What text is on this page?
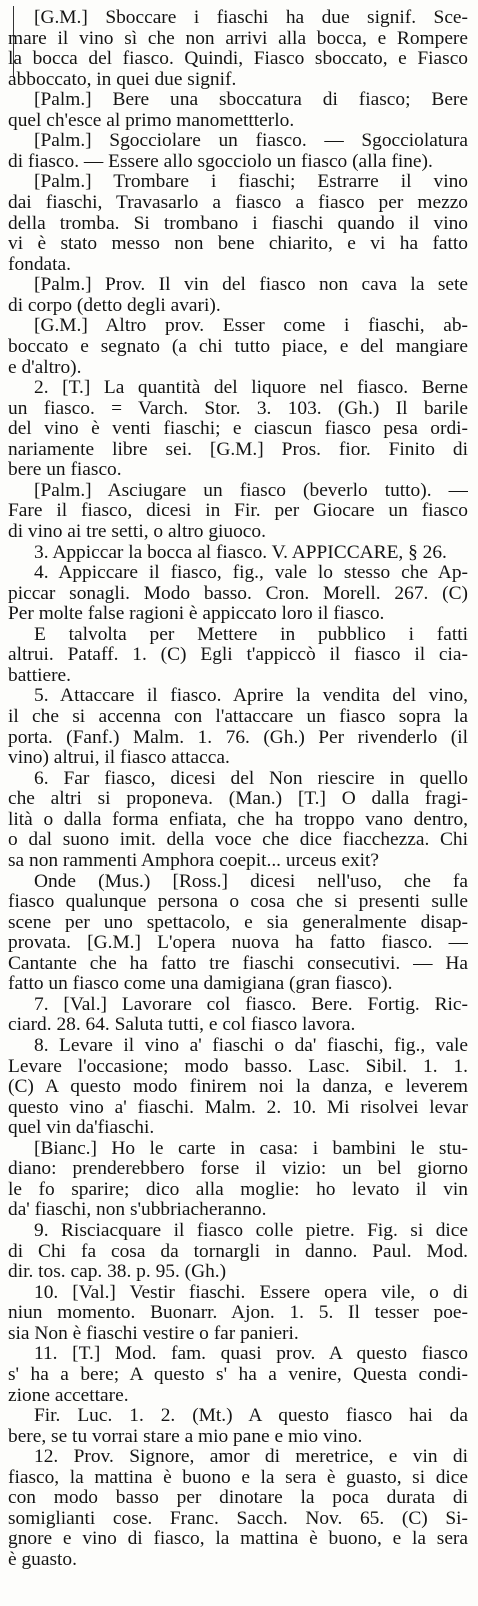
[G.M.] Sboccare i fiaschi ha due signif. Sce-
mare il vino sì che non arrivi alla bocca, e Rompere
la bocca del fiasco. Quindi, Fiasco sboccato, e Fiasco
abboccato, in quei due signif.
[Palm.] Bere una sboccatura di fiasco; Bere
quel ch'esce al primo manomettterlo.
[Palm.] Sgocciolare un fiasco. — Sgocciolatura
di fiasco. — Essere allo sgocciolo un fiasco (alla fine).
[Palm.] Trombare i fiaschi; Estrarre il vino
dai fiaschi, Travasarlo a fiasco a fiasco per mezzo
della tromba. Si trombano i fiaschi quando il vino
vi è stato messo non bene chiarito, e vi ha fatto
fondata.
[Palm.] Prov. Il vin del fiasco non cava la sete
di corpo (detto degli avari).
[G.M.] Altro prov. Esser come i fiaschi, ab-
boccato e segnato (a chi tutto piace, e del mangiare
e d'altro).
2. [T.] La quantità del liquore nel fiasco. Berne
un fiasco. = Varch. Stor. 3. 103. (Gh.) Il barile
del vino è venti fiaschi; e ciascun fiasco pesa ordi-
nariamente libre sei. [G.M.] Pros. fior. Finito di
bere un fiasco.
[Palm.] Asciugare un fiasco (beverlo tutto). —
Fare il fiasco, dicesi in Fir. per Giocare un fiasco
di vino ai tre setti, o altro giuoco.
3. Appiccar la bocca al fiasco. V. APPICCARE, § 26.
4. Appiccare il fiasco, fig., vale lo stesso che Ap-
piccar sonagli. Modo basso. Cron. Morell. 267. (C)
Per molte false ragioni è appiccato loro il fiasco.
E talvolta per Mettere in pubblico i fatti
altrui. Pataff. 1. (C) Egli t'appiccò il fiasco il cia-
battiere.
5. Attaccare il fiasco. Aprire la vendita del vino,
il che si accenna con l'attaccare un fiasco sopra la
porta. (Fanf.) Malm. 1. 76. (Gh.) Per rivenderlo (il
vino) altrui, il fiasco attacca.
6. Far fiasco, dicesi del Non riescire in quello
che altri si proponeva. (Man.) [T.] O dalla fragi-
lità o dalla forma enfiata, che ha troppo vano dentro,
o dal suono imit. della voce che dice fiacchezza. Chi
sa non rammenti Amphora coepit... urceus exit?
Onde (Mus.) [Ross.] dicesi nell'uso, che fa
fiasco qualunque persona o cosa che si presenti sulle
scene per uno spettacolo, e sia generalmente disap-
provata. [G.M.] L'opera nuova ha fatto fiasco. —
Cantante che ha fatto tre fiaschi consecutivi. — Ha
fatto un fiasco come una damigiana (gran fiasco).
7. [Val.] Lavorare col fiasco. Bere. Fortig. Ric-
ciard. 28. 64. Saluta tutti, e col fiasco lavora.
8. Levare il vino a' fiaschi o da' fiaschi, fig., vale
Levare l'occasione; modo basso. Lasc. Sibil. 1. 1.
(C) A questo modo finirem noi la danza, e leverem
questo vino a' fiaschi. Malm. 2. 10. Mi risolvei levar
quel vin da'fiaschi.
[Bianc.] Ho le carte in casa: i bambini le stu-
diano: prenderebbero forse il vizio: un bel giorno
le fo sparire; dico alla moglie: ho levato il vin
da' fiaschi, non s'ubbriacheranno.
9. Risciacquare il fiasco colle pietre. Fig. si dice
di Chi fa cosa da tornargli in danno. Paul. Mod.
dir. tos. cap. 38. p. 95. (Gh.)
10. [Val.] Vestir fiaschi. Essere opera vile, o di
niun momento. Buonarr. Ajon. 1. 5. Il tesser poe-
sia Non è fiaschi vestire o far panieri.
11. [T.] Mod. fam. quasi prov. A questo fiasco
s' ha a bere; A questo s' ha a venire, Questa condi-
zione accettare.
Fir. Luc. 1. 2. (Mt.) A questo fiasco hai da
bere, se tu vorrai stare a mio pane e mio vino.
12. Prov. Signore, amor di meretrice, e vin di
fiasco, la mattina è buono e la sera è guasto, si dice
con modo basso per dinotare la poca durata di
somiglianti cose. Franc. Sacch. Nov. 65. (C) Si-
gnore e vino di fiasco, la mattina è buono, e la sera
è guasto.
